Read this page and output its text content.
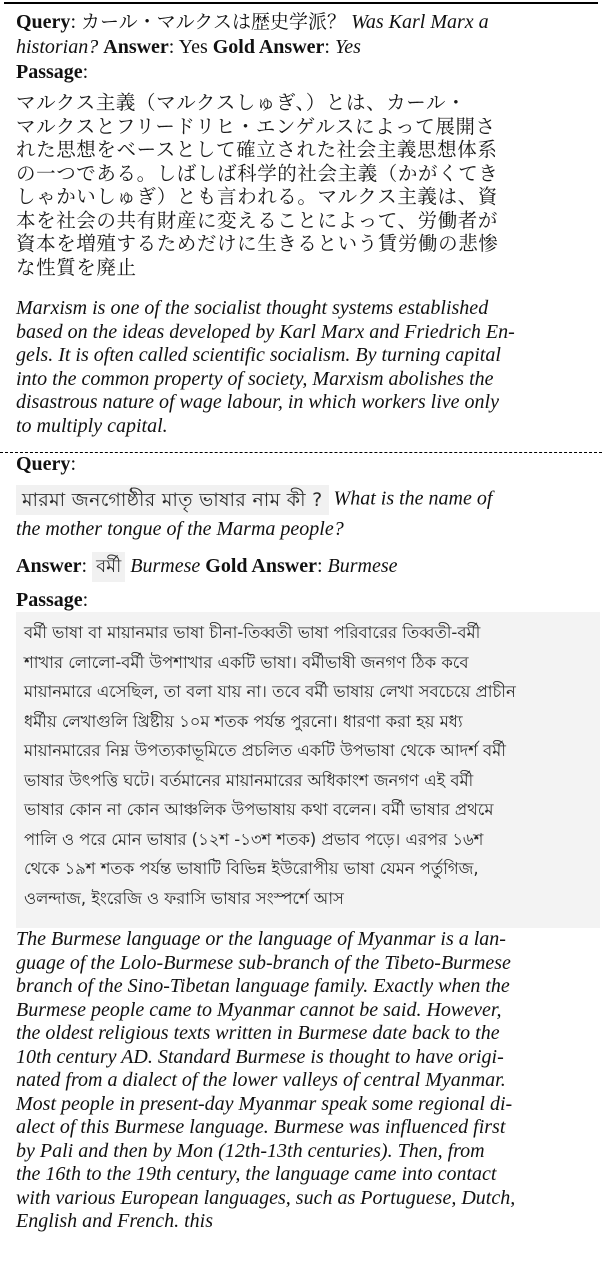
Query: カール・マルクスは歴史学派？ Was Karl Marx a
historian? Answer: Yes Gold Answer: Yes
Passage:
マルクス主義（マルクスしゅぎ、）とは、カール・
マルクスとフリードリヒ・エンゲルスによって展開さ
れた思想をベースとして確立された社会主義思想体系
の一つである。しばしば科学的社会主義（かがくてき
しゃかいしゅぎ）とも言われる。マルクス主義は、資
本を社会の共有財産に変えることによって、労働者が
資本を増殖するためだけに生きるという賃労働の悲惨
な性質を廃止
Marxism is one of the socialist thought systems established
based on the ideas developed by Karl Marx and Friedrich En-
gels. It is often called scientific socialism. By turning capital
into the common property of society, Marxism abolishes the
disastrous nature of wage labour, in which workers live only
to multiply capital.
Query:
মারমা জনগোষ্ঠীর মাতৃ ভাষার নাম কী ? What is the name of
the mother tongue of the Marma people?
Answer: বর্মী Burmese Gold Answer: Burmese
Passage:
বর্মী ভাষা বা মায়ানমার ভাষা চীনা-তিব্বতী ভাষা পরিবারের তিব্বতী-বর্মী
শাখার লোলো-বর্মী উপশাখার একটি ভাষা। বর্মীভাষী জনগণ ঠিক কবে
মায়ানমারে এসেছিল, তা বলা যায় না। তবে বর্মী ভাষায় লেখা সবচেয়ে প্রাচীন
ধর্মীয় লেখাগুলি খ্রিষ্টীয় ১০ম শতক পর্যন্ত পুরনো। ধারণা করা হয় মধ্য
মায়ানমারের নিম্ন উপত্যকাভূমিতে প্রচলিত একটি উপভাষা থেকে আদর্শ বর্মী
ভাষার উৎপত্তি ঘটে। বর্তমানের মায়ানমারের অধিকাংশ জনগণ এই বর্মী
ভাষার কোন না কোন আঞ্চলিক উপভাষায় কথা বলেন। বর্মী ভাষার প্রথমে
পালি ও পরে মোন ভাষার (১২শ -১৩শ শতক) প্রভাব পড়ে। এরপর ১৬শ
থেকে ১৯শ শতক পর্যন্ত ভাষাটি বিভিন্ন ইউরোপীয় ভাষা যেমন পর্তুগিজ,
ওলন্দাজ, ইংরেজি ও ফরাসি ভাষার সংস্পর্শে আস
The Burmese language or the language of Myanmar is a lan-
guage of the Lolo-Burmese sub-branch of the Tibeto-Burmese
branch of the Sino-Tibetan language family. Exactly when the
Burmese people came to Myanmar cannot be said. However,
the oldest religious texts written in Burmese date back to the
10th century AD. Standard Burmese is thought to have origi-
nated from a dialect of the lower valleys of central Myanmar.
Most people in present-day Myanmar speak some regional di-
alect of this Burmese language. Burmese was influenced first
by Pali and then by Mon (12th-13th centuries). Then, from
the 16th to the 19th century, the language came into contact
with various European languages, such as Portuguese, Dutch,
English and French. this
